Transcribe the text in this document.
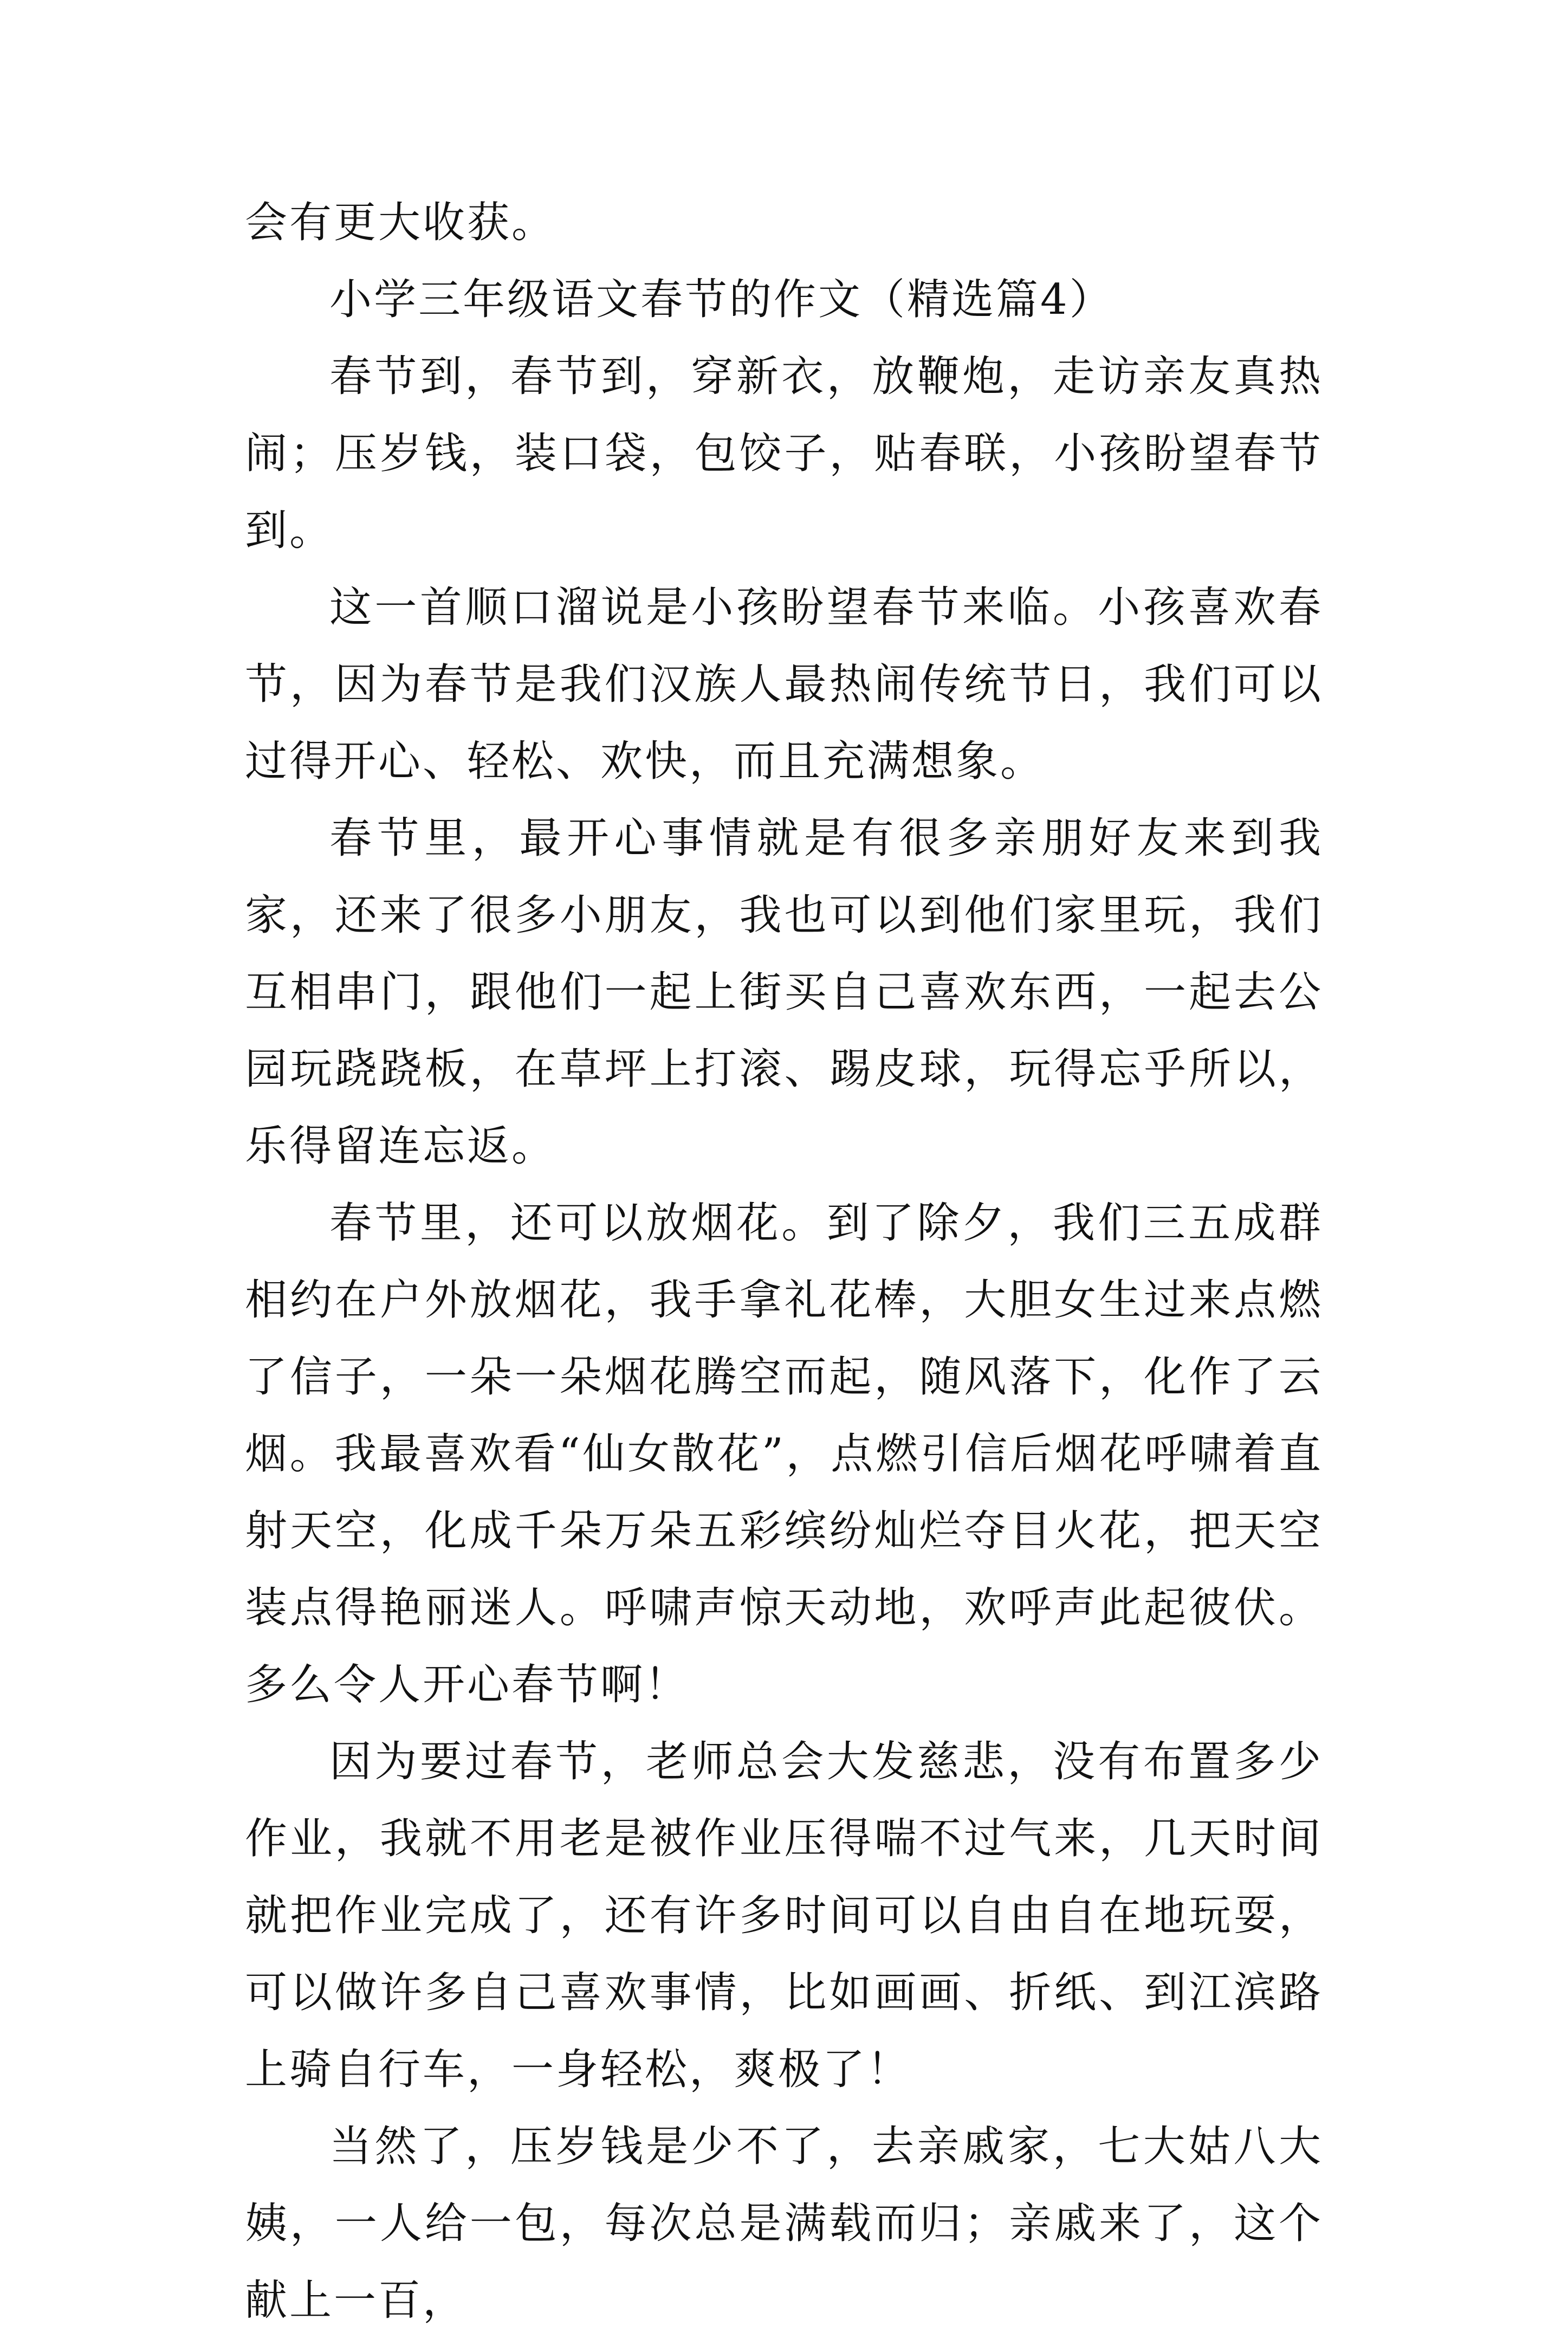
会有更大收获。

小学三年级语文春节的作文（精选篇4）

春节到，春节到，穿新衣，放鞭炮，走访亲友真热闹；压岁钱，装口袋，包饺子，贴春联，小孩盼望春节到。

这一首顺口溜说是小孩盼望春节来临。小孩喜欢春节，因为春节是我们汉族人最热闹传统节日，我们可以过得开心、轻松、欢快，而且充满想象。

春节里，最开心事情就是有很多亲朋好友来到我家，还来了很多小朋友，我也可以到他们家里玩，我们互相串门，跟他们一起上街买自己喜欢东西，一起去公园玩跷跷板，在草坪上打滚、踢皮球，玩得忘乎所以，乐得留连忘返。

春节里，还可以放烟花。到了除夕，我们三五成群相约在户外放烟花，我手拿礼花棒，大胆女生过来点燃了信子，一朵一朵烟花腾空而起，随风落下，化作了云烟。我最喜欢看“仙女散花”，点燃引信后烟花呼啸着直射天空，化成千朵万朵五彩缤纷灿烂夺目火花，把天空装点得艳丽迷人。呼啸声惊天动地，欢呼声此起彼伏。多么令人开心春节啊！

因为要过春节，老师总会大发慈悲，没有布置多少作业，我就不用老是被作业压得喘不过气来，几天时间就把作业完成了，还有许多时间可以自由自在地玩耍，可以做许多自己喜欢事情，比如画画、折纸、到江滨路上骑自行车，一身轻松，爽极了！

当然了，压岁钱是少不了，去亲戚家，七大姑八大姨，一人给一包，每次总是满载而归；亲戚来了，这个献上一百，
